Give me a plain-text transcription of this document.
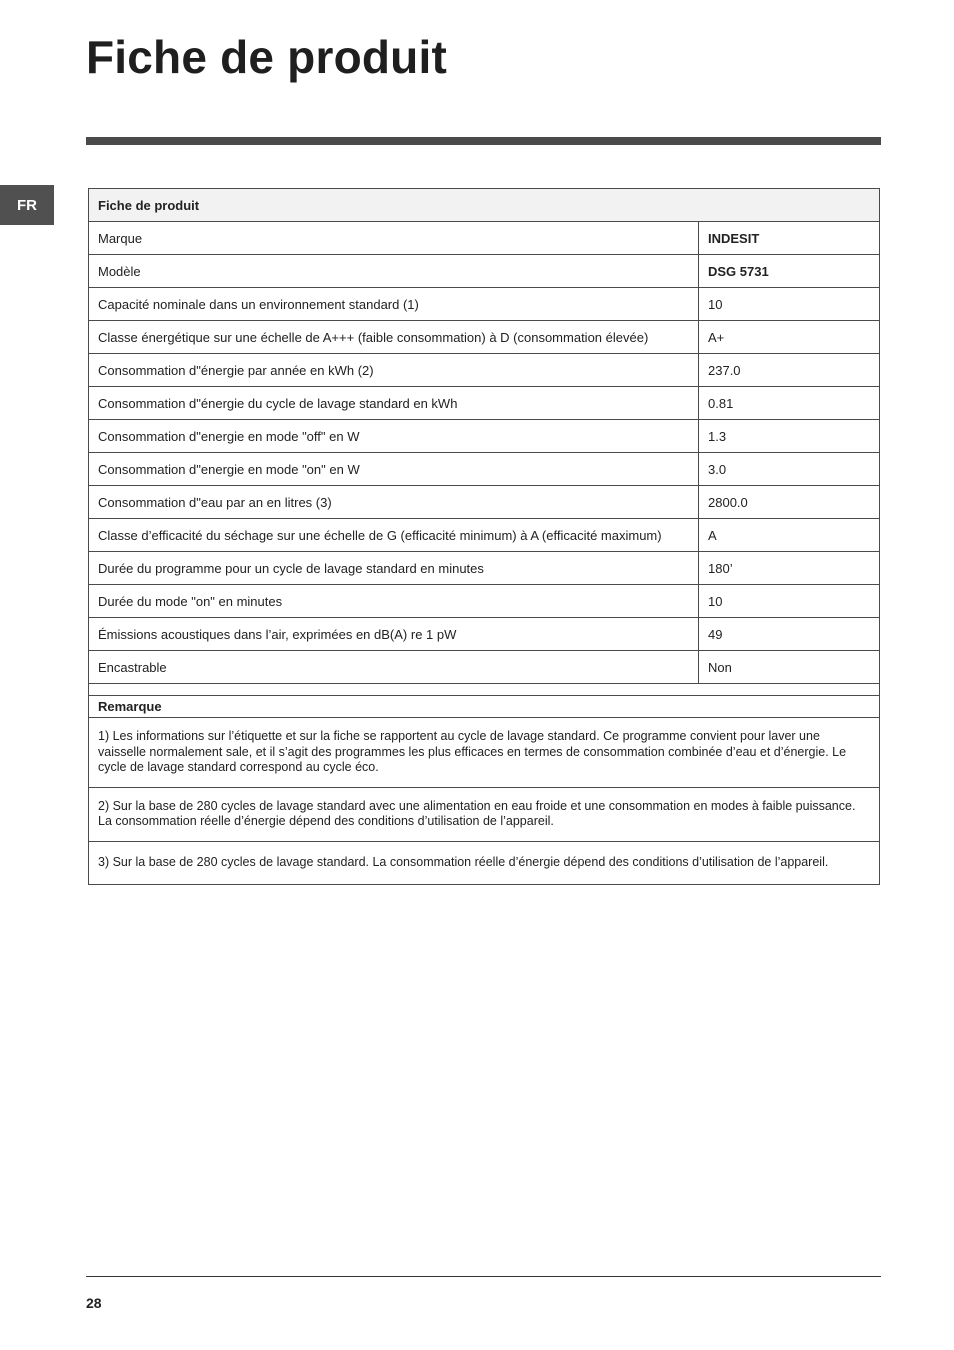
Fiche de produit
FR	Fiche de produit	
Marque	INDESIT
Modèle	DSG 5731
Capacité nominale dans un environnement standard (1)	10
Classe énergétique sur une échelle de A+++ (faible consommation) à D (consommation élevée)	A+
Consommation d"énergie par année en kWh (2)	237.0
Consommation d"énergie du cycle de lavage standard en kWh	0.81
Consommation d"energie en mode "off" en W	1.3
Consommation d"energie en mode "on" en W	3.0
Consommation d"eau par an en litres (3)	2800.0
Classe d’efficacité du séchage sur une échelle de G (efficacité minimum) à A (efficacité maximum)	A
Durée du programme pour un cycle de lavage standard en minutes	180’
Durée du mode "on" en minutes	10
Émissions acoustiques dans l’air, exprimées en dB(A) re 1 pW	49
Encastrable	Non

Remarque	
1) Les informations sur l’étiquette et sur la fiche se rapportent au cycle de lavage standard. Ce programme convient pour laver une vaisselle normalement sale, et il s’agit des programmes les plus efficaces en termes de consommation combinée d’eau et d’énergie. Le cycle de lavage standard correspond au cycle éco.	
2) Sur la base de 280 cycles de lavage standard avec une alimentation en eau froide et une consommation en modes à faible puissance. La consommation réelle d’énergie dépend des conditions d’utilisation de l’appareil.	
3) Sur la base de 280 cycles de lavage standard. La consommation réelle d’énergie dépend des conditions d’utilisation de l’appareil.	
28
